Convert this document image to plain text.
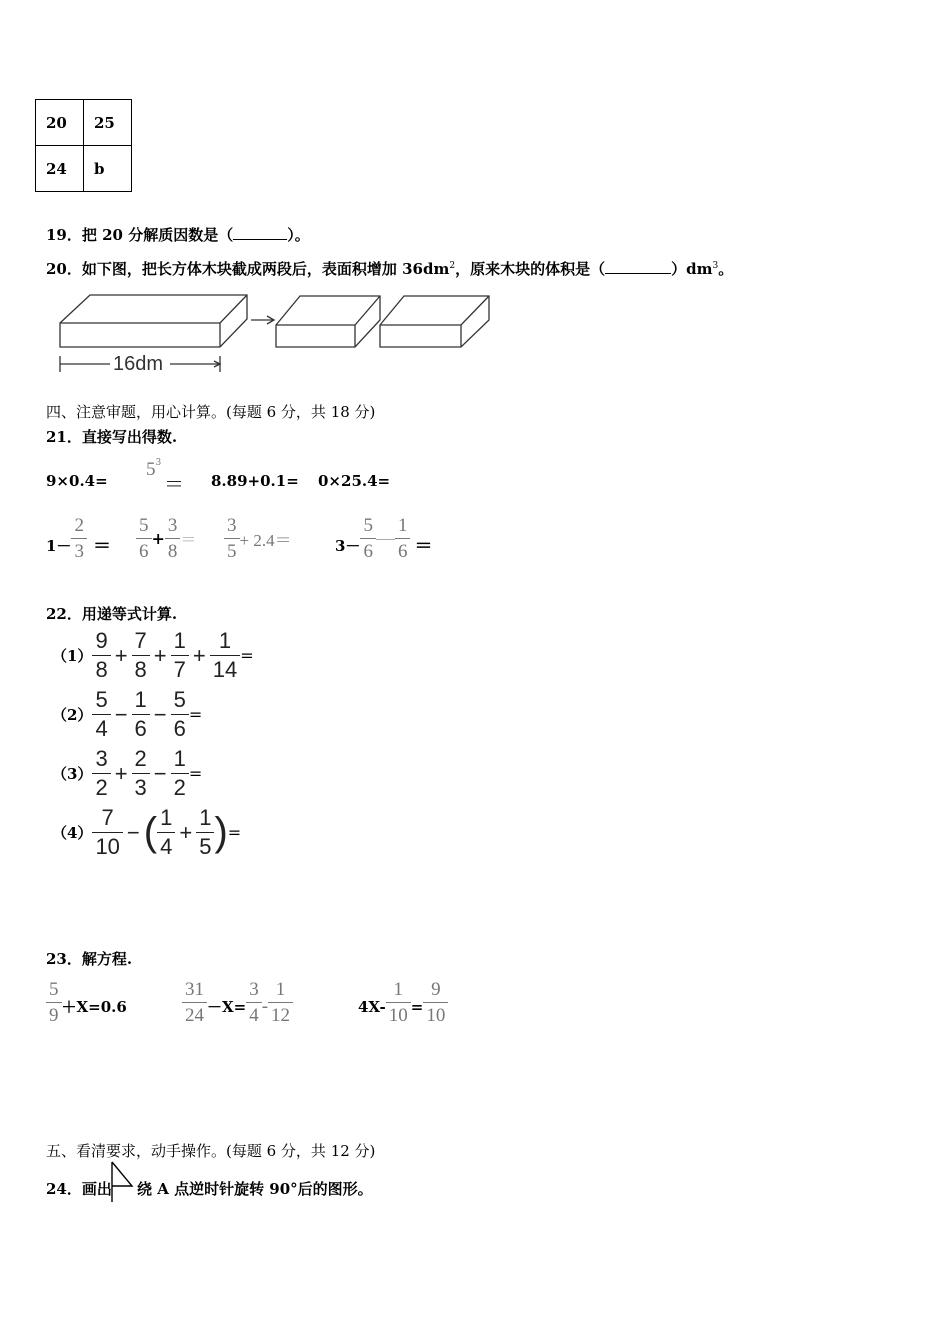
20	25
24	b
19．把 20 分解质因数是（	）。
20．如下图，把长方体木块截成两段后，表面积增加 $36dm^2$，原来木块的体积是（	）$dm^3$。
16dm
四、注意审题，用心计算。(每题 6 分，共 18 分)
21．直接写出得数.
9×0.4=
$5^3$
＝ 8.89+0.1= 0×25.4=
$1- \frac{2}{3} = \frac{5}{6} + \frac{3}{8} = \frac{3}{5} + 2.4=$	$3- \frac{5}{6}$ — $\frac{1}{6}$ ＝
22．用递等式计算.
$(1) \frac{9}{8} + \frac{7}{8} + \frac{1}{7} + \frac{1}{14}$ =
$(2) \frac{5}{4} - \frac{1}{6} - \frac{5}{6}$ =
$(3) \frac{3}{2} + \frac{2}{3} - \frac{1}{2}$ =
$(4) \frac{7}{10}$ − ( $\frac{1}{4} + \frac{1}{5}$ ) =
23．解方程.
$\frac{5}{9} +X=0.6$	$\frac{31}{24} -X= \frac{3}{4} - \frac{1}{12}$	$4X- \frac{1}{10} = \frac{9}{10}$
五、看清要求，动手操作。(每题 6 分，共 12 分)
24．画出 绕 A 点逆时针旋转 90°后的图形。
